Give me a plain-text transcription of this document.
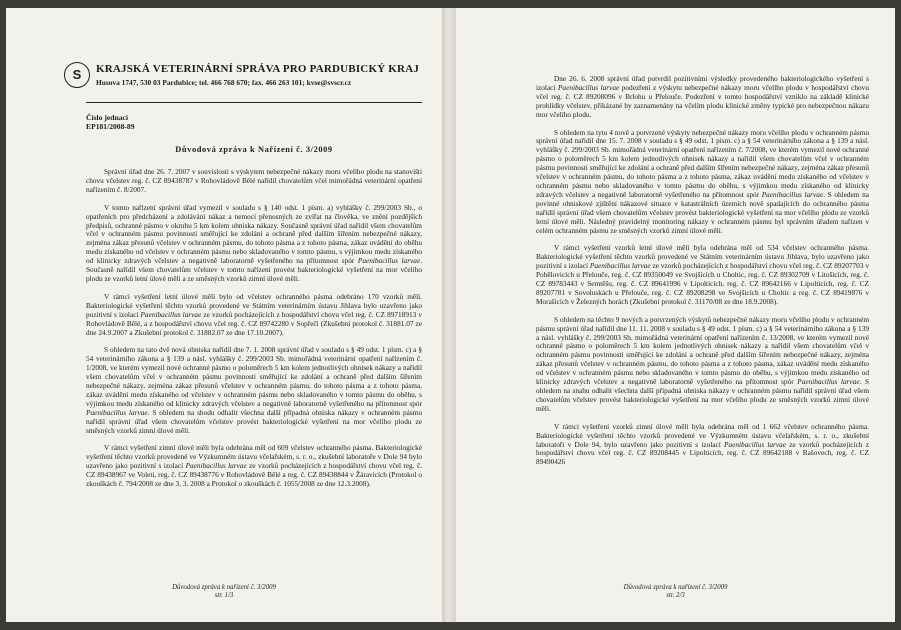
S	KRAJSKÁ VETERINÁRNÍ SPRÁVA PRO PARDUBICKÝ KRAJ
Husova 1747, 530 03 Pardubice; tel. 466 768 670; fax. 466 263 101; kvse@svscr.cz
Číslo jednací
EP181/2008-89
Důvodová zpráva k Nařízení č. 3/2009

Správní úřad dne 26. 7. 2007 v souvislosti s výskytem nebezpečné nákazy moru včelího plodu na stanovišti chovu včelstev reg. č. CZ 89438787 v Rohovládově Bělé nařídil chovatelům včel mimořádná veterinární opatření nařízením č. 8/2007.

V tomto nařízení správní úřad vymezil v souladu s § 140 odst. 1 písm. a) vyhlášky č. 299/2003 Sb., o opatřeních pro předcházení a zdolávání nákaz a nemocí přenosných ze zvířat na člověka, ve znění pozdějších předpisů, ochranné pásmo v okruhu 5 km kolem ohniska nákazy. Současně správní úřad nařídil všem chovatelům včel v ochranném pásmu povinnosti směřující ke zdolání a ochraně před dalším šířením nebezpečné nákazy, zejména zákaz přesunů včelstev v ochranném pásmu, do tohoto pásma a z tohoto pásma, zákaz uvádění do oběhu medu získaného od včelstev v ochranném pásmu nebo skladovaného v tomto pásmu, s výjimkou medu získaného od klinicky zdravých včelstev a negativně laboratorně vyšetřeného na přítomnost spór Paenibacillus larvae. Současně nařídil všem chovatelům včelstev v tomto nařízení provést bakteriologické vyšetření na mor včelího plodu ze vzorků letní úlové měli a ze směsných vzorků zimní úlové měli.

V rámci vyšetření letní úlové měli bylo od včelstev ochranného pásma odebráno 170 vzorků měli. Bakteriologické vyšetření těchto vzorků provedené ve Státním veterinárním ústavu Jihlava bylo uzavřeno jako pozitivní s izolací Paenibacillus larvae ze vzorků pocházejících z hospodářství chovu včel reg. č. CZ 89718913 v Rohovládově Bělé, a z hospodářství chovu včel reg. č. CZ 89742280 v Sopřeči (Zkušební protokol č. 31881.07 ze dne 24.9.2007 a Zkušební protokol č. 31882.07 ze dne 17.10.2007).

S ohledem na tato dvě nová ohniska nařídil dne 7. 1. 2008 správní úřad v souladu s § 49 odst. 1 písm. c) a § 54 veterinárního zákona a § 139 a násl. vyhlášky č. 299/2003 Sb. mimořádná veterinární opatření nařízením č. 1/2008, ve kterém vymezil nové ochranné pásmo o poloměrech 5 km kolem jednotlivých ohnisek nákazy a nařídil všem chovatelům včel v ochranném pásmu povinnosti směřující ke zdolání a ochraně před dalším šířením nebezpečné nákazy, zejména zákaz přesunů včelstev v ochranném pásmu, do tohoto pásma a z tohoto pásma, zákaz uvádění medu získaného od včelstev v ochranném pásmu nebo skladovaného v tomto pásmu do oběhu, s výjimkou medu získaného od klinicky zdravých včelstev a negativně laboratorně vyšetřeného na přítomnost spór Paenibacillus larvae. S ohledem na shodu odhalit všechna další případná ohniska nákazy v ochranném pásmu nařídil správní úřad všem chovatelům včelstev provést bakteriologické vyšetření na mor včelího plodu ze směsných vzorků zimní úlové měli.

V rámci vyšetření zimní úlové měli byla odebrána měl od 609 včelstev ochranného pásma. Bakteriologické vyšetření těchto vzorků provedené ve Výzkumném ústavu včelařském, s. r. o., zkušební laboratoře v Dole 94 bylo uzavřeno jako pozitivní s izolací Paenibacillus larvae ze vzorků pocházejících z hospodářství chovu včel reg. č. CZ 89438967 ve Voleti, reg. č. CZ 89438776 v Rohovládově Bělé a reg. č. CZ 89438844 v Žáravicích (Protokol o zkouškách č. 794/2008 ze dne 3. 3. 2008 a Protokol o zkouškách č. 1055/2008 ze dne 12.3.2008).

Důvodová zpráva k nařízení č. 3/2009
str. 1/3

Dne 26. 6. 2008 správní úřad potvrdil pozitivními výsledky provedeného bakteriologického vyšetření s izolací Paenibacillus larvae podezření z výskytu nebezpečné nákazy moru včelího plodu v hospodářství chovu včel reg. č. CZ 89208096 v Brlohu u Přelouče. Podezření v tomto hospodářství vzniklo na základě klinické prohlídky včelstev, přikázané by zaznamenány na včelím plodu klinické změny typické pro nebezpečnou nákazu mor včelího plodu.

S ohledem na tyto 4 nově a potvrzené výskyty nebezpečné nákazy moru včelího plodu v ochranném pásmu správní úřad nařídil dne 15. 7. 2008 v souladu s § 49 odst. 1 písm. c) a § 54 veterinárního zákona a § 139 a násl. vyhlášky č. 299/2003 Sb. mimořádná veterinární opatření nařízením č. 7/2008, ve kterém vymezil nové ochranné pásmo o poloměrech 5 km kolem jednotlivých ohnisek nákazy a nařídil všem chovatelům včel v ochranném pásmu povinnosti směřující ke zdolání a ochraně před dalším šířením nebezpečné nákazy, zejména zákaz přesunů včelstev v ochranném pásmu, do tohoto pásma a z tohoto pásma, zákaz uvádění medu získaného od včelstev v ochranném pásmu nebo skladovaného v tomto pásmu do oběhu, s výjimkou medu získaného od klinicky zdravých včelstev a negativně laboratorně vyšetřeného na přítomnost spór Paenibacillus larvae. S ohledem na povinné ohniskové zjištění nákazové situace v katastrálních územích nově spadajících do ochranného pásma nařídil správní úřad všem chovatelům včelstev provést bakteriologické vyšetření na mor včelího plodu ze vzorků letní úlové měli. Následný pravidelný monitoring nákazy v ochranném pásmu byl správním úřadem nařízen v celém ochranném pásmu ze směsných vzorků zimní úlové měli.

V rámci vyšetření vzorků letní úlové měli byla odebrána měl od 534 včelstev ochranného pásma. Bakteriologické vyšetření těchto vzorků provedené ve Státním veterinárním ústavu Jihlava, bylo uzavřeno jako pozitivní s izolací Paenibacillus larvae ze vzorků pocházejících z hospodářství chovu včel reg. č. CZ 89207703 v Pobělovicích u Přelouče, reg. č. CZ 89350049 ve Svojšicích u Choltic, reg. č. CZ 89302709 v Litošicích, reg. č. CZ 89783443 v Semtěšu, reg. č. CZ 89641996 v Lipolticích, reg. č. CZ 89642166 v Lipolticích, reg. č. CZ 89207781 v Sovoluskách u Přelouče, reg. č. CZ 89208298 ve Svojšicích u Choltic a reg. č. CZ 89419876 v Morašicích v Železných horách (Zkušební protokol č. 31170/08 ze dne 18.9.2008).

S ohledem na těchto 9 nových a potvrzených výskytů nebezpečné nákazy moru včelího plodu v ochranném pásmu správní úřad nařídil dne 11. 11. 2008 v souladu s § 49 odst. 1 písm. c) a § 54 veterinárního zákona a § 139 a násl. vyhlášky č. 299/2003 Sb. mimořádná veterinární opatření nařízením č. 13/2008, ve kterém vymezil nové ochranné pásmo o poloměrech 5 km kolem jednotlivých ohnisek nákazy a nařídil všem chovatelům včel v ochranném pásmu povinnosti směřující ke zdolání a ochraně před dalším šířením nebezpečné nákazy, zejména zákaz přesunů včelstev v ochranném pásmu, do tohoto pásma a z tohoto pásma, zákaz uvádění medu získaného od včelstev v ochranném pásmu nebo skladovaného v tomto pásmu do oběhu, s výjimkou medu získaného od klinicky zdravých včelstev a negativně laboratorně vyšetřeného na přítomnost spór Paenibacillus larvae. S ohledem na snahu odhalit všechna další případná ohniska nákazy v ochranném pásmu nařídil správní úřad všem chovatelům včelstev provést bakteriologické vyšetření na mor včelího plodu ze směsných vzorků zimní úlové měli.

V rámci vyšetření vzorků zimní úlové měli byla odebrána měl od 1 662 včelstev ochranného pásma. Bakteriologické vyšetření těchto vzorků provedené ve Výzkumném ústavu včelařském, s. r. o., zkušební laboratoři v Dole 94, bylo uzavřeno jako pozitivní s izolací Paenibacillus larvae ze vzorků pocházejících z hospodářství chovu včel reg. č. CZ 89208445 v Lipolticích, reg. č. CZ 89642188 v Rašovech, reg. č. CZ 89490426

Důvodová zpráva k nařízení č. 3/2009
str. 2/3
